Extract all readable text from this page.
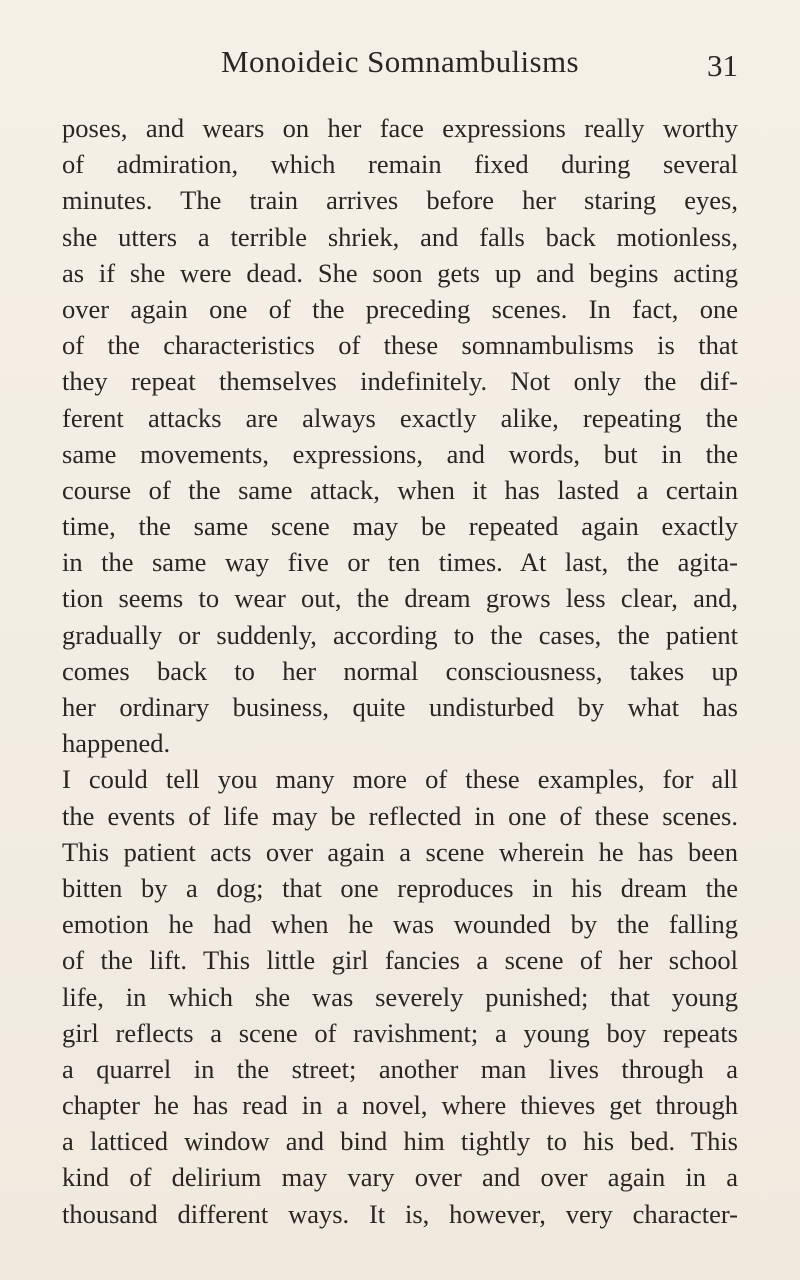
Monoideic Somnambulisms	31
poses, and wears on her face expressions really worthy
of admiration, which remain fixed during several
minutes. The train arrives before her staring eyes,
she utters a terrible shriek, and falls back motionless,
as if she were dead. She soon gets up and begins acting
over again one of the preceding scenes. In fact, one
of the characteristics of these somnambulisms is that
they repeat themselves indefinitely. Not only the dif-
ferent attacks are always exactly alike, repeating the
same movements, expressions, and words, but in the
course of the same attack, when it has lasted a certain
time, the same scene may be repeated again exactly
in the same way five or ten times. At last, the agita-
tion seems to wear out, the dream grows less clear, and,
gradually or suddenly, according to the cases, the patient
comes back to her normal consciousness, takes up
her ordinary business, quite undisturbed by what has
happened.
I could tell you many more of these examples, for all
the events of life may be reflected in one of these scenes.
This patient acts over again a scene wherein he has been
bitten by a dog; that one reproduces in his dream the
emotion he had when he was wounded by the falling
of the lift. This little girl fancies a scene of her school
life, in which she was severely punished; that young
girl reflects a scene of ravishment; a young boy repeats
a quarrel in the street; another man lives through a
chapter he has read in a novel, where thieves get through
a latticed window and bind him tightly to his bed. This
kind of delirium may vary over and over again in a
thousand different ways. It is, however, very character-
